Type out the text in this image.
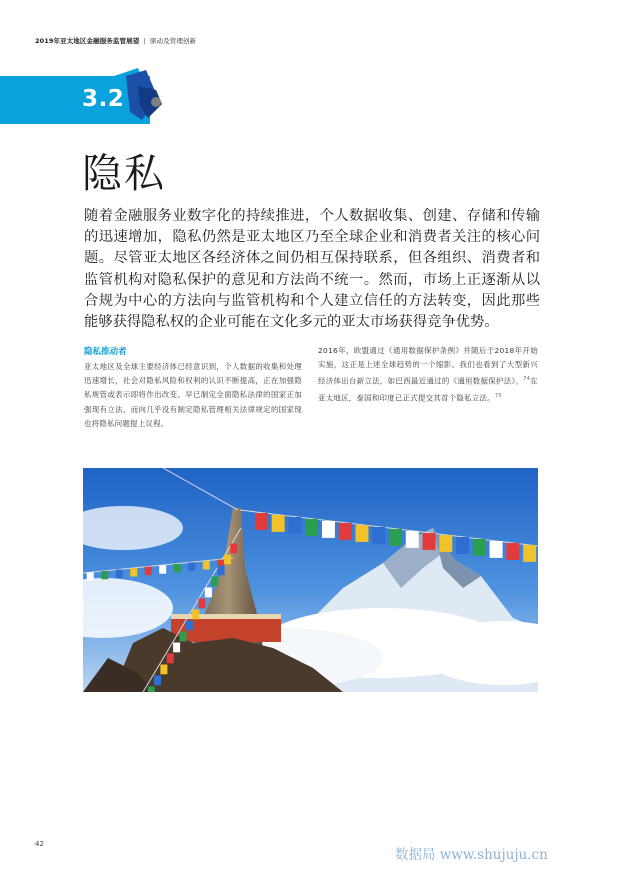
2019年亚太地区金融服务监管展望 | 驱动及管理创新
3.2
隐私

随着金融服务业数字化的持续推进，个人数据收集、创建、存储和传输的迅速增加，隐私仍然是亚太地区乃至全球企业和消费者关注的核心问题。尽管亚太地区各经济体之间仍相互保持联系，但各组织、消费者和监管机构对隐私保护的意见和方法尚不统一。然而，市场上正逐渐从以合规为中心的方法向与监管机构和个人建立信任的方法转变，因此那些能够获得隐私权的企业可能在文化多元的亚太市场获得竞争优势。

隐私推动者

亚太地区及全球主要经济体已经意识到，个人数据的收集和处理迅速增长，社会对隐私风险和权利的认识不断提高，正在加强隐私规管或表示即将作出改变。早已制定全面隐私法律的国家正加强现有立法，而向几乎没有制定隐私管理相关法律规定的国家现也将隐私问题提上议程。

2016年，欧盟通过《通用数据保护条例》并随后于2018年开始实施，这正是上述全球趋势的一个缩影。我们也看到了大型新兴经济体出台新立法，如巴西最近通过的《通用数据保护法》。$^{74}$在亚太地区，泰国和印度已正式提交其首个隐私立法。$^{75}$

42
数据局 www.shujuju.cn
